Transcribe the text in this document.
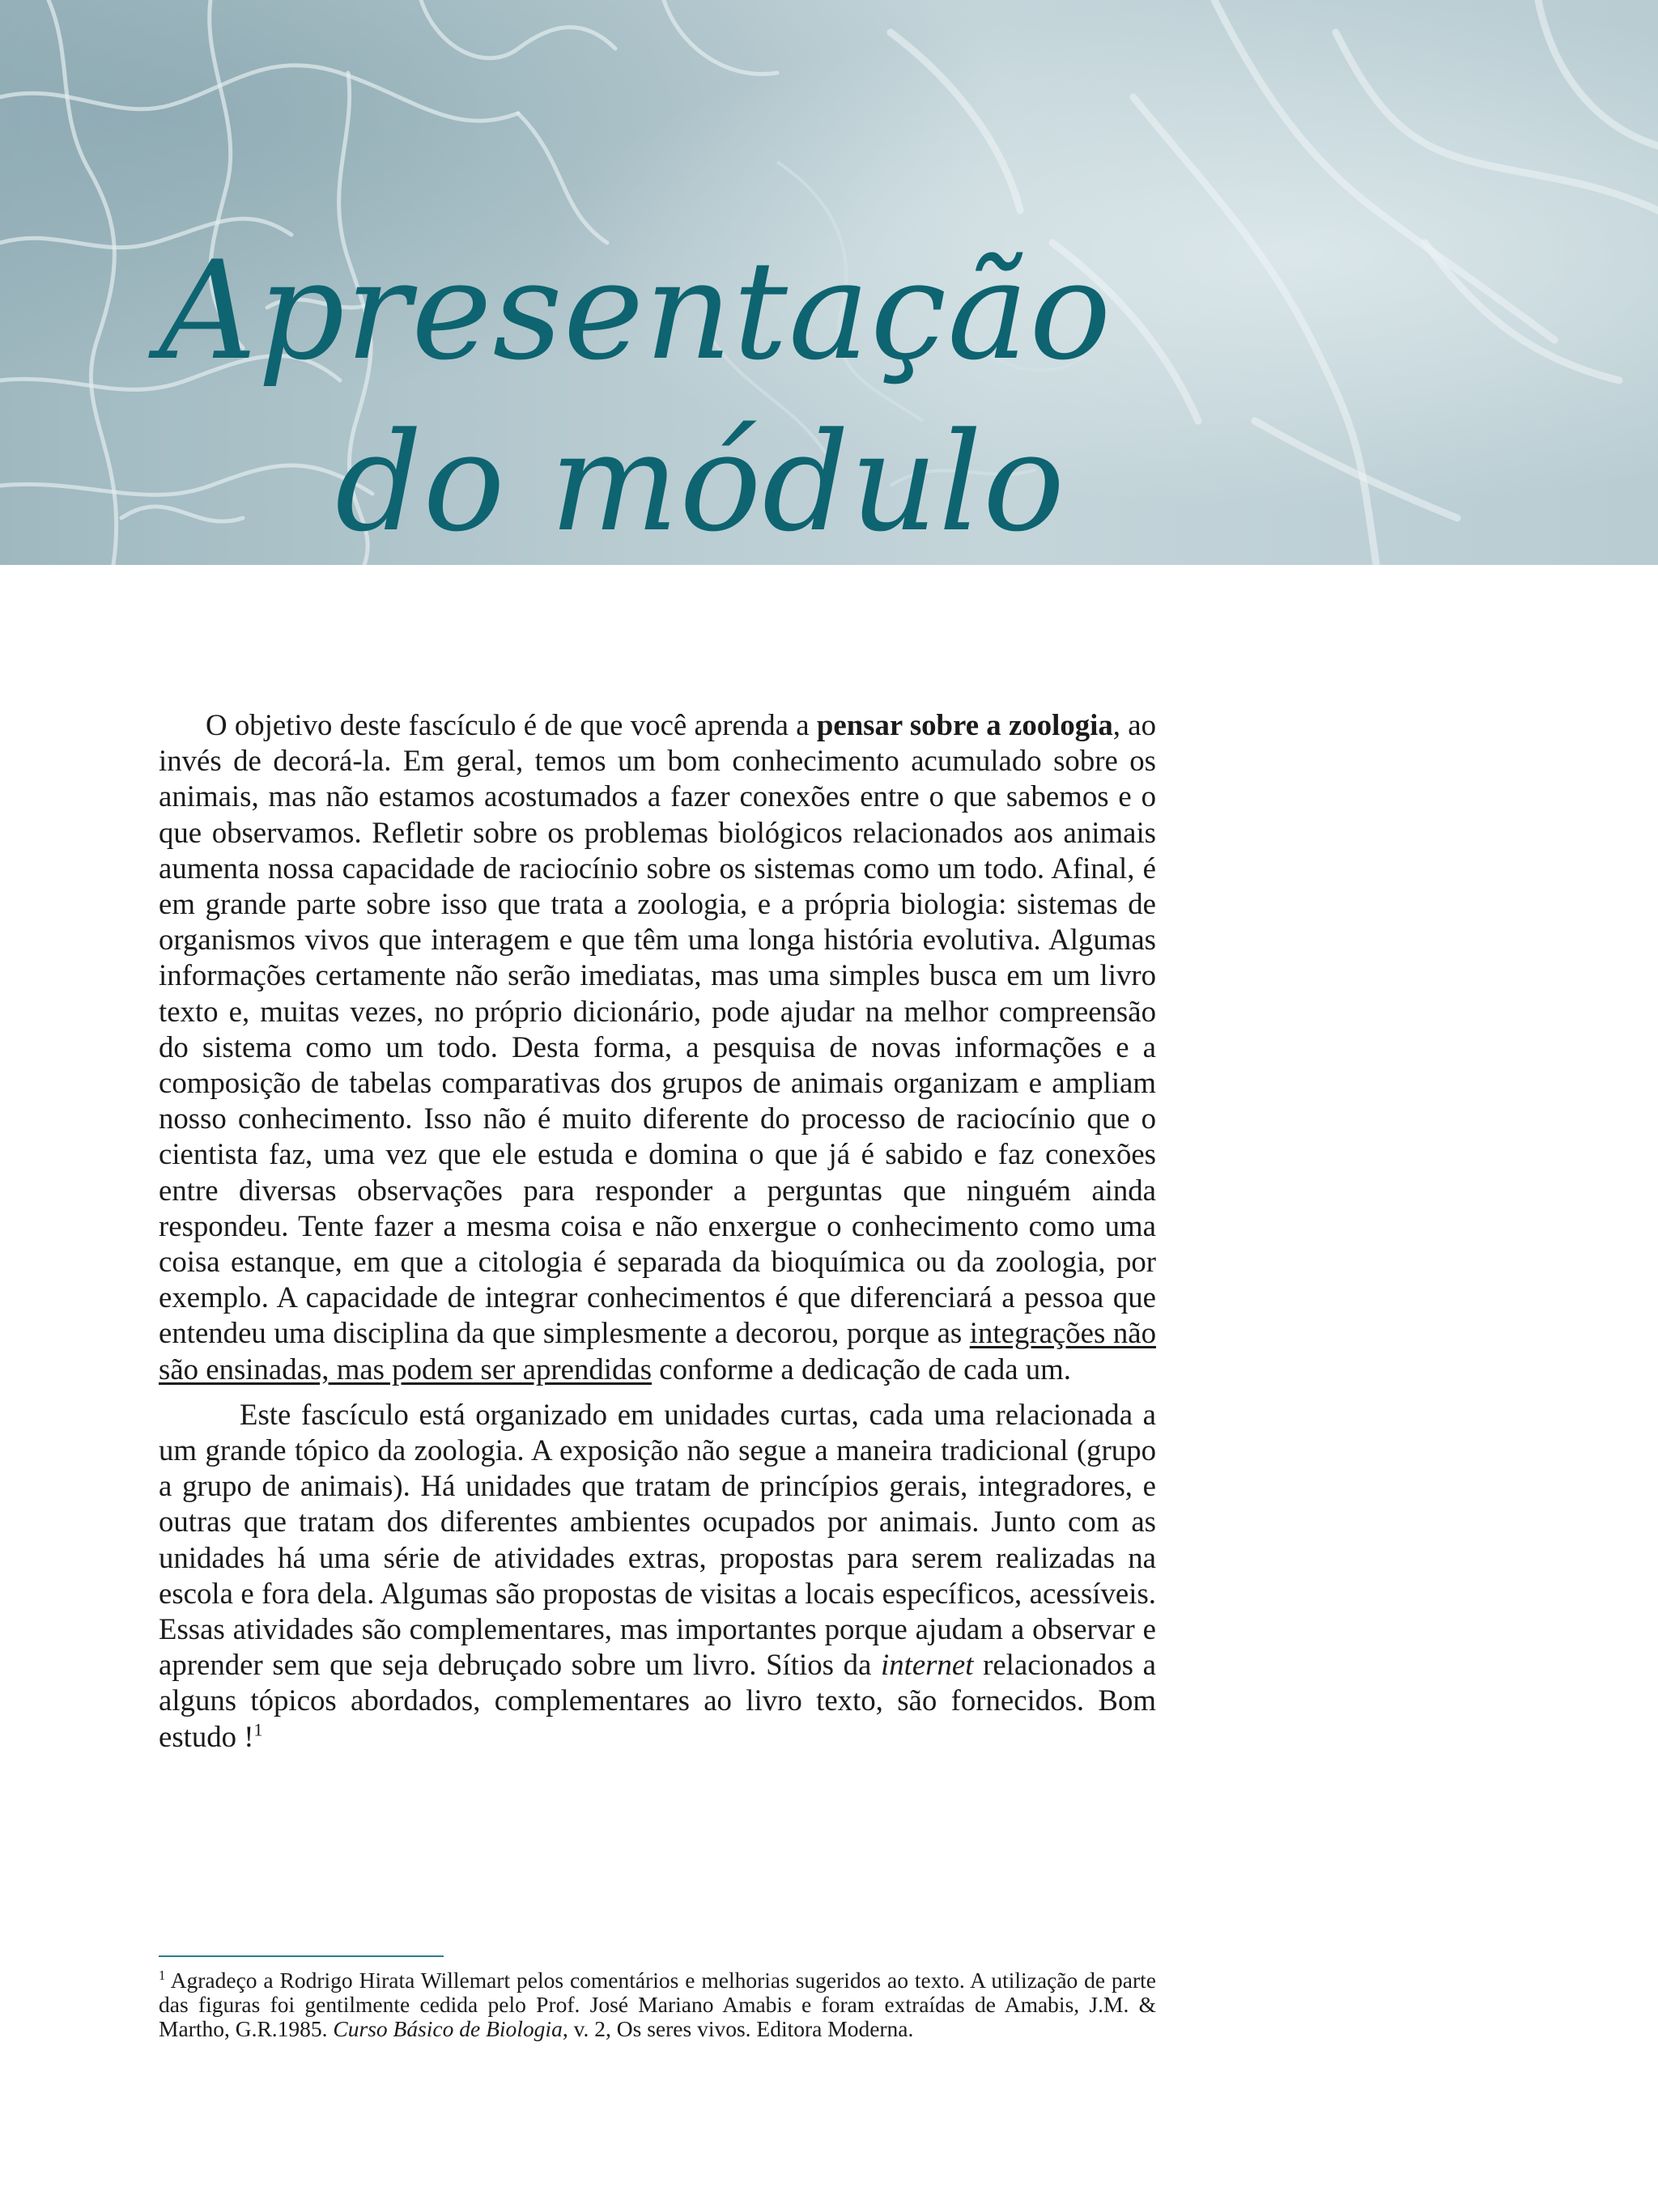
Apresentação
do módulo

O objetivo deste fascículo é de que você aprenda a pensar sobre a zoologia, ao invés de decorá-la. Em geral, temos um bom conhecimento acumulado sobre os animais, mas não estamos acostumados a fazer conexões entre o que sabemos e o que observamos. Refletir sobre os problemas biológicos relacionados aos animais aumenta nossa capacidade de raciocínio sobre os sistemas como um todo. Afinal, é em grande parte sobre isso que trata a zoologia, e a própria biologia: sistemas de organismos vivos que interagem e que têm uma longa história evolutiva. Algumas informações certamente não serão imediatas, mas uma simples busca em um livro texto e, muitas vezes, no próprio dicionário, pode ajudar na melhor compreensão do sistema como um todo. Desta forma, a pesquisa de novas informações e a composição de tabelas comparativas dos grupos de animais organizam e ampliam nosso conhecimento. Isso não é muito diferente do processo de raciocínio que o cientista faz, uma vez que ele estuda e domina o que já é sabido e faz conexões entre diversas observações para responder a perguntas que ninguém ainda respondeu. Tente fazer a mesma coisa e não enxergue o conhecimento como uma coisa estanque, em que a citologia é separada da bioquímica ou da zoologia, por exemplo. A capacidade de integrar conhecimentos é que diferenciará a pessoa que entendeu uma disciplina da que simplesmente a decorou, porque as integrações não são ensinadas, mas podem ser aprendidas conforme a dedicação de cada um.

Este fascículo está organizado em unidades curtas, cada uma relacionada a um grande tópico da zoologia. A exposição não segue a maneira tradicional (grupo a grupo de animais). Há unidades que tratam de princípios gerais, integradores, e outras que tratam dos diferentes ambientes ocupados por animais. Junto com as unidades há uma série de atividades extras, propostas para serem realizadas na escola e fora dela. Algumas são propostas de visitas a locais específicos, acessíveis. Essas atividades são complementares, mas importantes porque ajudam a observar e aprender sem que seja debruçado sobre um livro. Sítios da internet relacionados a alguns tópicos abordados, complementares ao livro texto, são fornecidos. Bom estudo !$^1$

$^1$ Agradeço a Rodrigo Hirata Willemart pelos comentários e melhorias sugeridos ao texto. A utilização de parte das figuras foi gentilmente cedida pelo Prof. José Mariano Amabis e foram extraídas de Amabis, J.M. & Martho, G.R.1985. Curso Básico de Biologia, v. 2, Os seres vivos. Editora Moderna.
